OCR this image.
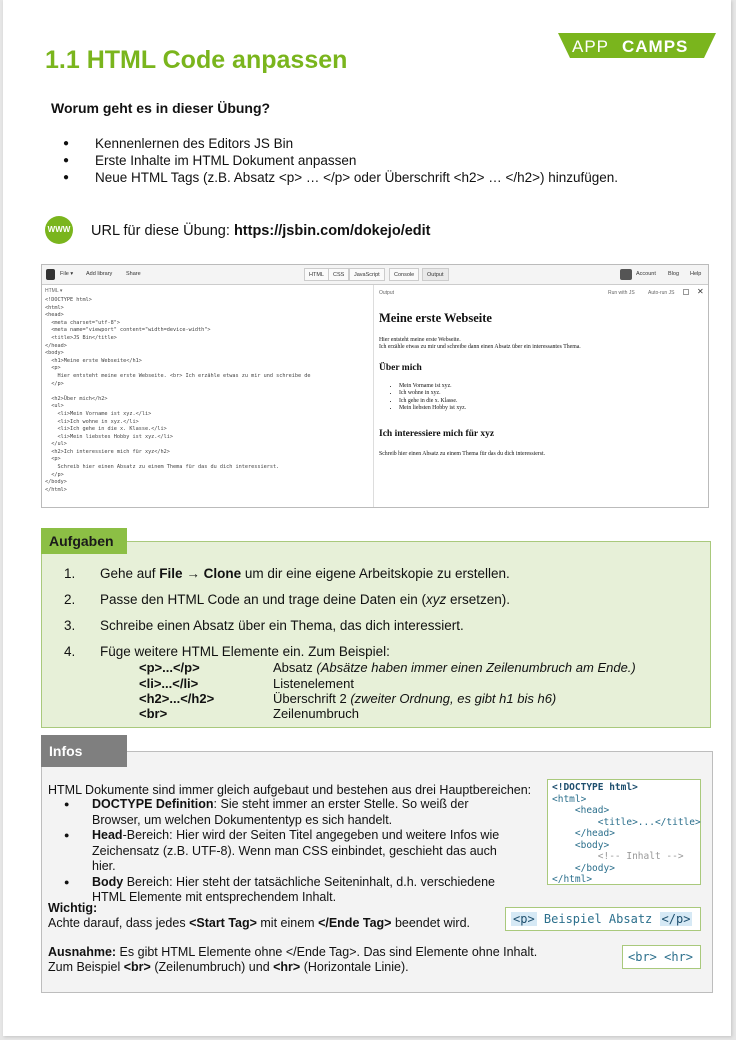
1.1 HTML Code anpassen	APP CAMPS
Worum geht es in dieser Übung?
● Kennenlernen des Editors JS Bin
● Erste Inhalte im HTML Dokument anpassen
● Neue HTML Tags (z.B. Absatz <p> … </p> oder Überschrift <h2> … </h2>) hinzufügen.
WWW URL für diese Übung: https://jsbin.com/dokejo/edit
File ▾ Add library Share	HTML	CSS	JavaScript	Console	Output	Account Blog Help
HTML ▾
<!DOCTYPE html>
<html>
<head>
<meta charset="utf-8">
<meta name="viewport" content="width=device-width">
<title>JS Bin</title>
</head>
<body>
<h1>Meine erste Webseite</h1>
<p>
Hier entsteht meine erste Webseite. <br> Ich erzähle etwas zu mir und schreibe de
</p>

<h2>Über mich</h2>
<ul>
<li>Mein Vorname ist xyz.</li>
<li>Ich wohne in xyz.</li>
<li>Ich gehe in die x. Klasse.</li>
<li>Mein liebstes Hobby ist xyz.</li>
</ul>
<h2>Ich interessiere mich für xyz</h2>
<p>
Schreib hier einen Absatz zu einem Thema für das du dich interessierst.
</p>
</body>
</html>
Output	Run with JS	Auto-run JS	✕
Meine erste Webseite
Hier entsteht meine erste Webseite.
Ich erzähle etwas zu mir und schreibe dann einen Absatz über ein interessantes Thema.
Über mich
• Mein Vorname ist xyz.
• Ich wohne in xyz.
• Ich gehe in die x. Klasse.
• Mein liebsten Hobby ist xyz.
Ich interessiere mich für xyz
Schreib hier einen Absatz zu einem Thema für das du dich interessierst.
1. Gehe auf File → Clone um dir eine eigene Arbeitskopie zu erstellen.
2. Passe den HTML Code an und trage deine Daten ein (xyz ersetzen).
3. Schreibe einen Absatz über ein Thema, das dich interessiert.
4. Füge weitere HTML Elemente ein. Zum Beispiel:
<p>...</p>	Absatz (Absätze haben immer einen Zeilenumbruch am Ende.)
<li>...</li>	Listenelement
<h2>...</h2>	Überschrift 2 (zweiter Ordnung, es gibt h1 bis h6)
<br>	Zeilenumbruch
Aufgaben
HTML Dokumente sind immer gleich aufgebaut und bestehen aus drei Hauptbereichen:
● DOCTYPE Definition: Sie steht immer an erster Stelle. So weiß der Browser, um welchen Dokumententyp es sich handelt.
● Head-Bereich: Hier wird der Seiten Titel angegeben und weitere Infos wie Zeichensatz (z.B. UTF-8). Wenn man CSS einbindet, geschieht das auch hier.
● Body Bereich: Hier steht der tatsächliche Seiteninhalt, d.h. verschiedene HTML Elemente mit entsprechendem Inhalt.
Wichtig:
Achte darauf, dass jedes <Start Tag> mit einem </Ende Tag> beendet wird.
Ausnahme: Es gibt HTML Elemente ohne </Ende Tag>. Das sind Elemente ohne Inhalt.
Zum Beispiel <br> (Zeilenumbruch) und <hr> (Horizontale Linie).
<!DOCTYPE html>
<html>
<head>
<title>...</title>
</head>
<body>
<!-- Inhalt -->
</body>
</html>
<p> Beispiel Absatz </p>
<br> <hr>
Infos
